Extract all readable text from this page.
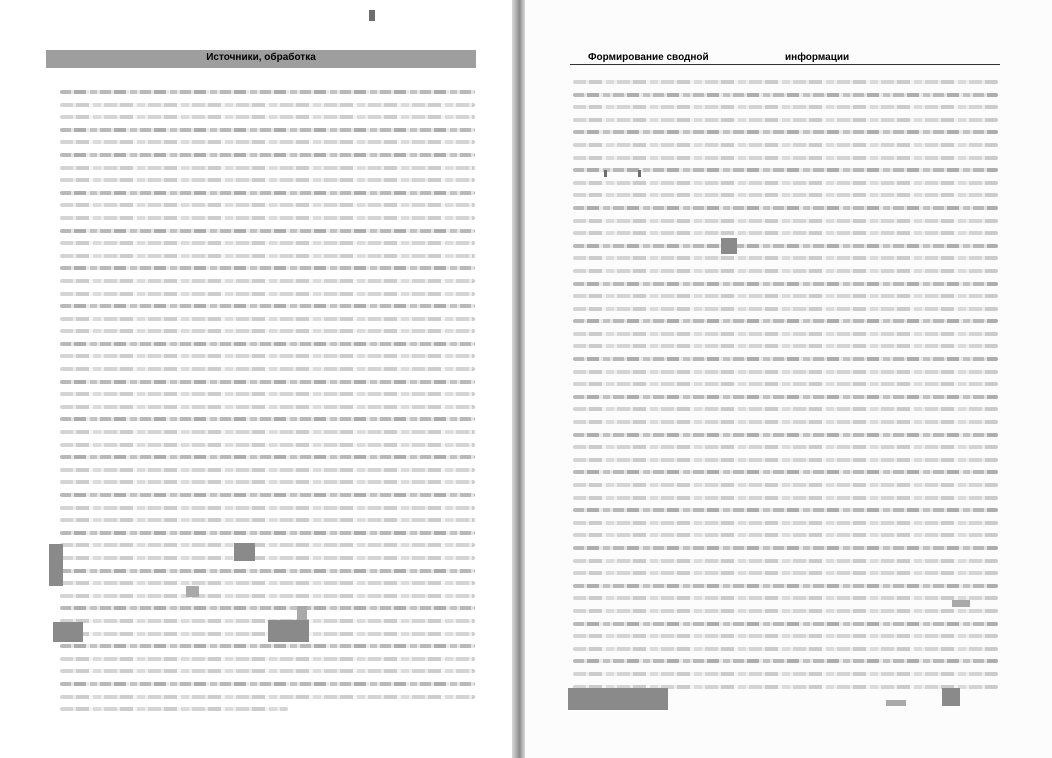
Источники, обработка	Формирование сводной	информации
